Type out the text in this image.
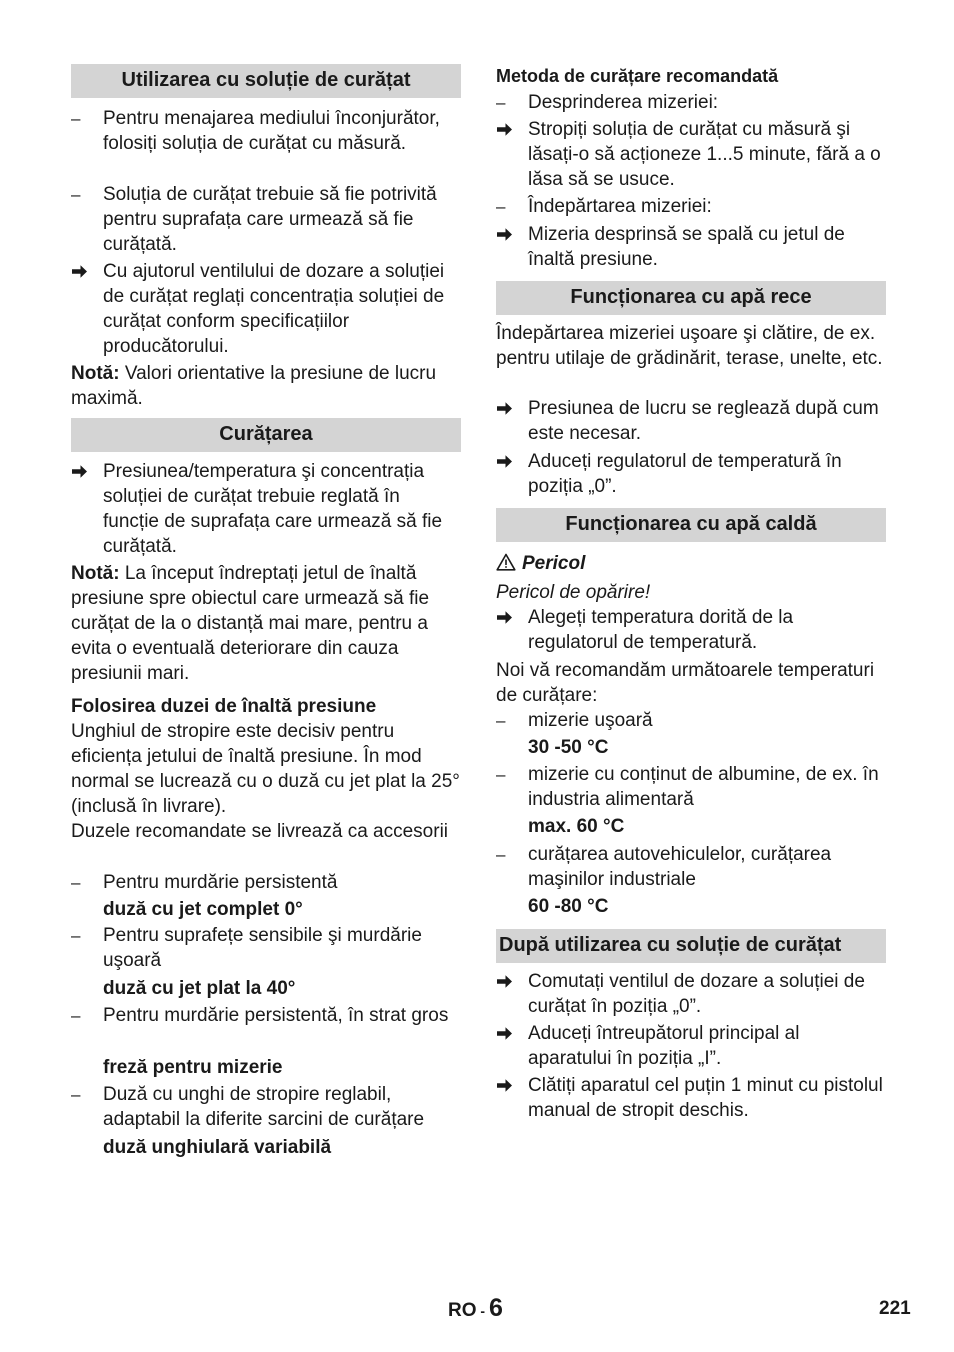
Utilizarea cu soluție de curățat
–	Pentru menajarea mediului înconjurător, folosiți soluția de curățat cu măsură.
–	Soluția de curățat trebuie să fie potrivită pentru suprafața care urmează să fie curățată.
Cu ajutorul ventilului de dozare a soluției de curățat reglați concentrația soluției de curățat conform specificațiilor producătorului.
Notă: Valori orientative la presiune de lucru maximă.
Curățarea
Presiunea/temperatura şi concentrația soluției de curățat trebuie reglată în funcție de suprafața care urmează să fie curățată.
Notă: La început îndreptați jetul de înaltă presiune spre obiectul care urmează să fie curățat de la o distanță mai mare, pentru a evita o eventuală deteriorare din cauza presiunii mari.
Folosirea duzei de înaltă presiune
Unghiul de stropire este decisiv pentru eficiența jetului de înaltă presiune. În mod normal se lucrează cu o duză cu jet plat la 25° (inclusă în livrare).
Duzele recomandate se livrează ca accesorii
–	Pentru murdărie persistentă
duză cu jet complet 0°
–	Pentru suprafețe sensibile şi murdărie uşoară
duză cu jet plat la 40°
–	Pentru murdărie persistentă, în strat gros
freză pentru mizerie
–	Duză cu unghi de stropire reglabil, adaptabil la diferite sarcini de curățare
duză unghiulară variabilă
Metoda de curățare recomandată
–	Desprinderea mizeriei:
Stropiți soluția de curățat cu măsură şi lăsați-o să acționeze 1...5 minute, fără a o lăsa să se usuce.
–	Îndepărtarea mizeriei:
Mizeria desprinsă se spală cu jetul de înaltă presiune.
Funcționarea cu apă rece
Îndepărtarea mizeriei uşoare şi clătire, de ex. pentru utilaje de grădinărit, terase, unelte, etc.
Presiunea de lucru se reglează după cum este necesar.
Aduceți regulatorul de temperatură în poziția „0”.
Funcționarea cu apă caldă
Pericol
Pericol de opărire!
Alegeți temperatura dorită de la regulatorul de temperatură.
Noi vă recomandăm următoarele temperaturi de curățare:
–	mizerie uşoară
30 -50 °C
–	mizerie cu conținut de albumine, de ex. în industria alimentară
max. 60 °C
–	curățarea autovehiculelor, curățarea maşinilor industriale
60 -80 °C
După utilizarea cu soluție de curățat
Comutați ventilul de dozare a soluției de curățat în poziția „0”.
Aduceți întreupătorul principal al aparatului în poziția „I”.
Clătiți aparatul cel puțin 1 minut cu pistolul manual de stropit deschis.
RO - 6	221
